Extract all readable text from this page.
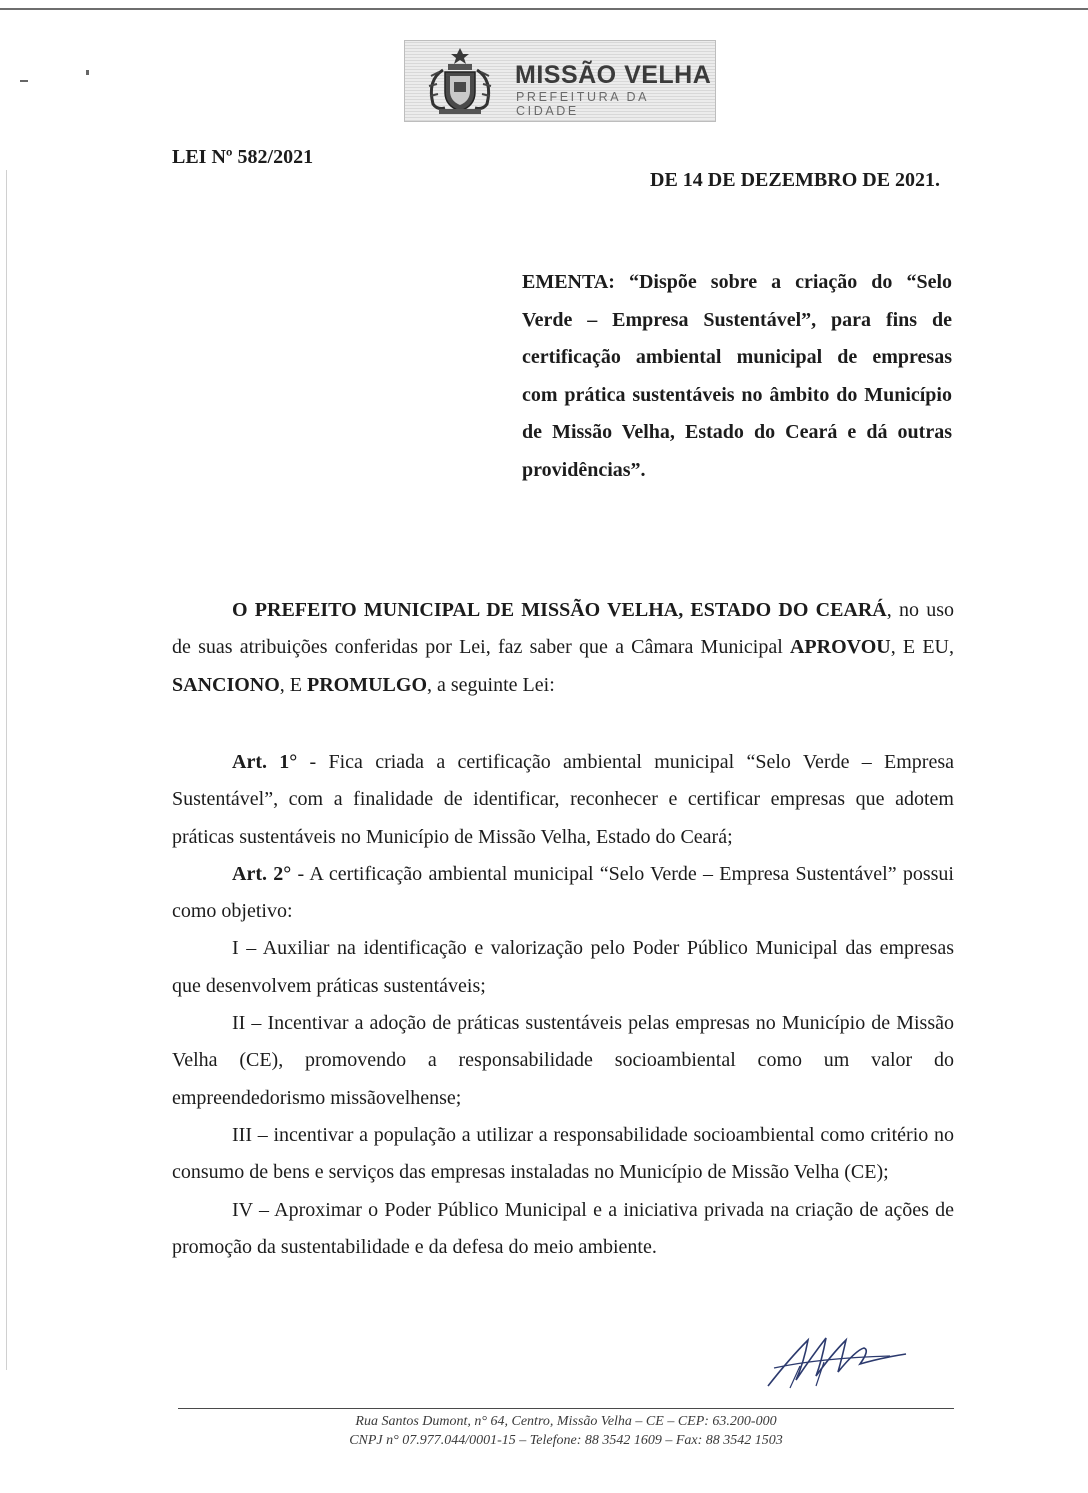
MISSÃO VELHA
PREFEITURA DA CIDADE
LEI Nº 582/2021
DE 14 DE DEZEMBRO DE 2021.
EMENTA: “Dispõe sobre a criação do “Selo Verde – Empresa Sustentável”, para fins de certificação ambiental municipal de empresas com prática sustentáveis no âmbito do Município de Missão Velha, Estado do Ceará e dá outras providências”.
O PREFEITO MUNICIPAL DE MISSÃO VELHA, ESTADO DO CEARÁ, no uso de suas atribuições conferidas por Lei, faz saber que a Câmara Municipal APROVOU, E EU, SANCIONO, E PROMULGO, a seguinte Lei:

Art. 1° - Fica criada a certificação ambiental municipal “Selo Verde – Empresa Sustentável”, com a finalidade de identificar, reconhecer e certificar empresas que adotem práticas sustentáveis no Município de Missão Velha, Estado do Ceará;

Art. 2° - A certificação ambiental municipal “Selo Verde – Empresa Sustentável” possui como objetivo:

I – Auxiliar na identificação e valorização pelo Poder Público Municipal das empresas que desenvolvem práticas sustentáveis;

II – Incentivar a adoção de práticas sustentáveis pelas empresas no Município de Missão Velha (CE), promovendo a responsabilidade socioambiental como um valor do empreendedorismo missãovelhense;

III – incentivar a população a utilizar a responsabilidade socioambiental como critério no consumo de bens e serviços das empresas instaladas no Município de Missão Velha (CE);

IV – Aproximar o Poder Público Municipal e a iniciativa privada na criação de ações de promoção da sustentabilidade e da defesa do meio ambiente.

Rua Santos Dumont, n° 64, Centro, Missão Velha – CE – CEP: 63.200-000
CNPJ n° 07.977.044/0001-15 – Telefone: 88 3542 1609 – Fax: 88 3542 1503
